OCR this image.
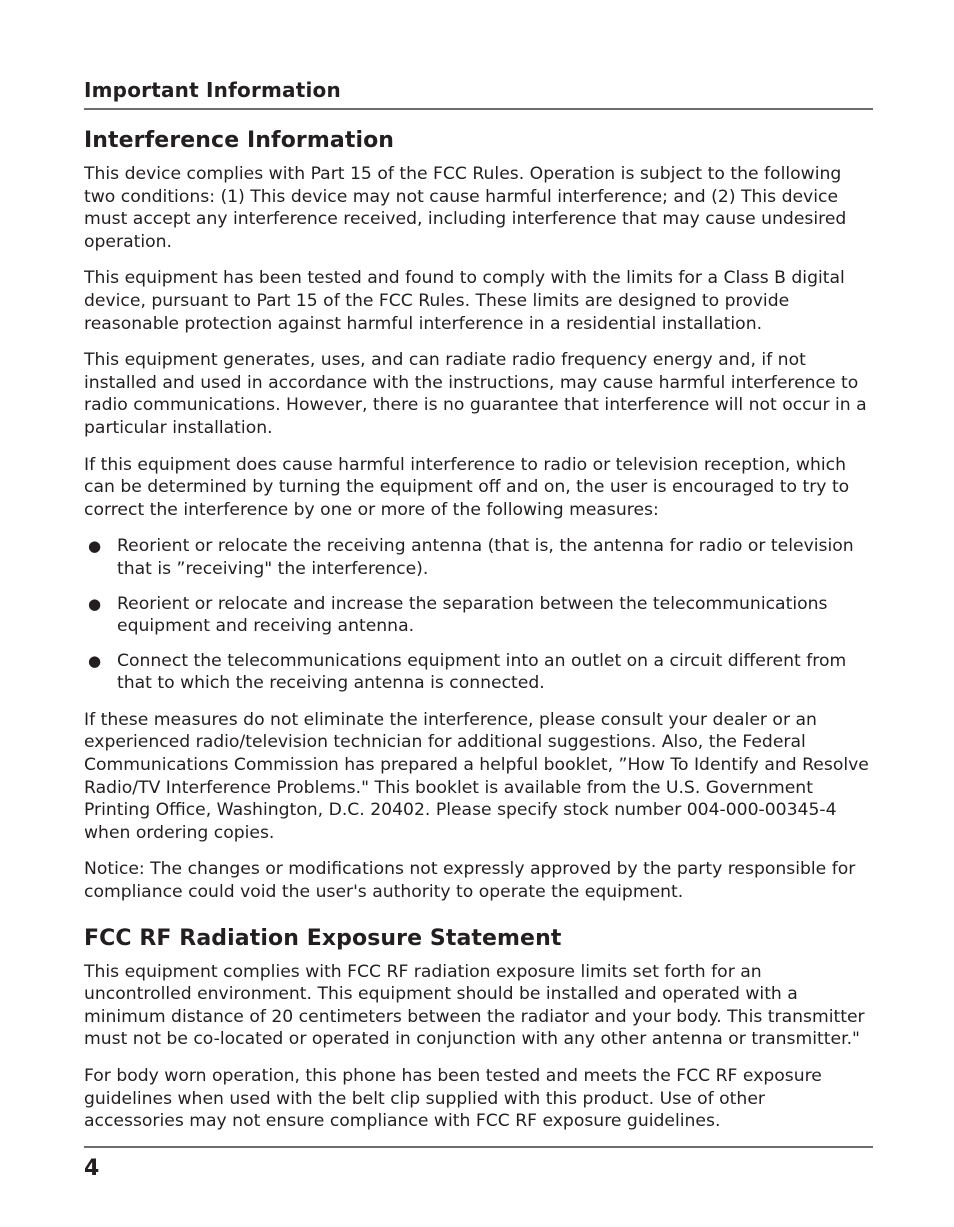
Important Information
Interference Information

This device complies with Part 15 of the FCC Rules. Operation is subject to the following two conditions: (1) This device may not cause harmful interference; and (2) This device must accept any interference received, including interference that may cause undesired operation.

This equipment has been tested and found to comply with the limits for a Class B digital device, pursuant to Part 15 of the FCC Rules. These limits are designed to provide reasonable protection against harmful interference in a residential installation.

This equipment generates, uses, and can radiate radio frequency energy and, if not installed and used in accordance with the instructions, may cause harmful interference to radio communications. However, there is no guarantee that interference will not occur in a particular installation.

If this equipment does cause harmful interference to radio or television reception, which can be determined by turning the equipment off and on, the user is encouraged to try to correct the interference by one or more of the following measures:

● Reorient or relocate the receiving antenna (that is, the antenna for radio or television that is ”receiving" the interference).
● Reorient or relocate and increase the separation between the telecommunications equipment and receiving antenna.
● Connect the telecommunications equipment into an outlet on a circuit different from that to which the receiving antenna is connected.

If these measures do not eliminate the interference, please consult your dealer or an experienced radio/television technician for additional suggestions. Also, the Federal Communications Commission has prepared a helpful booklet, ”How To Identify and Resolve Radio/TV Interference Problems." This booklet is available from the U.S. Government Printing Office, Washington, D.C. 20402. Please specify stock number 004-000-00345-4 when ordering copies.

Notice: The changes or modifications not expressly approved by the party responsible for compliance could void the user's authority to operate the equipment.

FCC RF Radiation Exposure Statement

This equipment complies with FCC RF radiation exposure limits set forth for an uncontrolled environment. This equipment should be installed and operated with a minimum distance of 20 centimeters between the radiator and your body. This transmitter must not be co-located or operated in conjunction with any other antenna or transmitter."

For body worn operation, this phone has been tested and meets the FCC RF exposure guidelines when used with the belt clip supplied with this product. Use of other accessories may not ensure compliance with FCC RF exposure guidelines.

4
